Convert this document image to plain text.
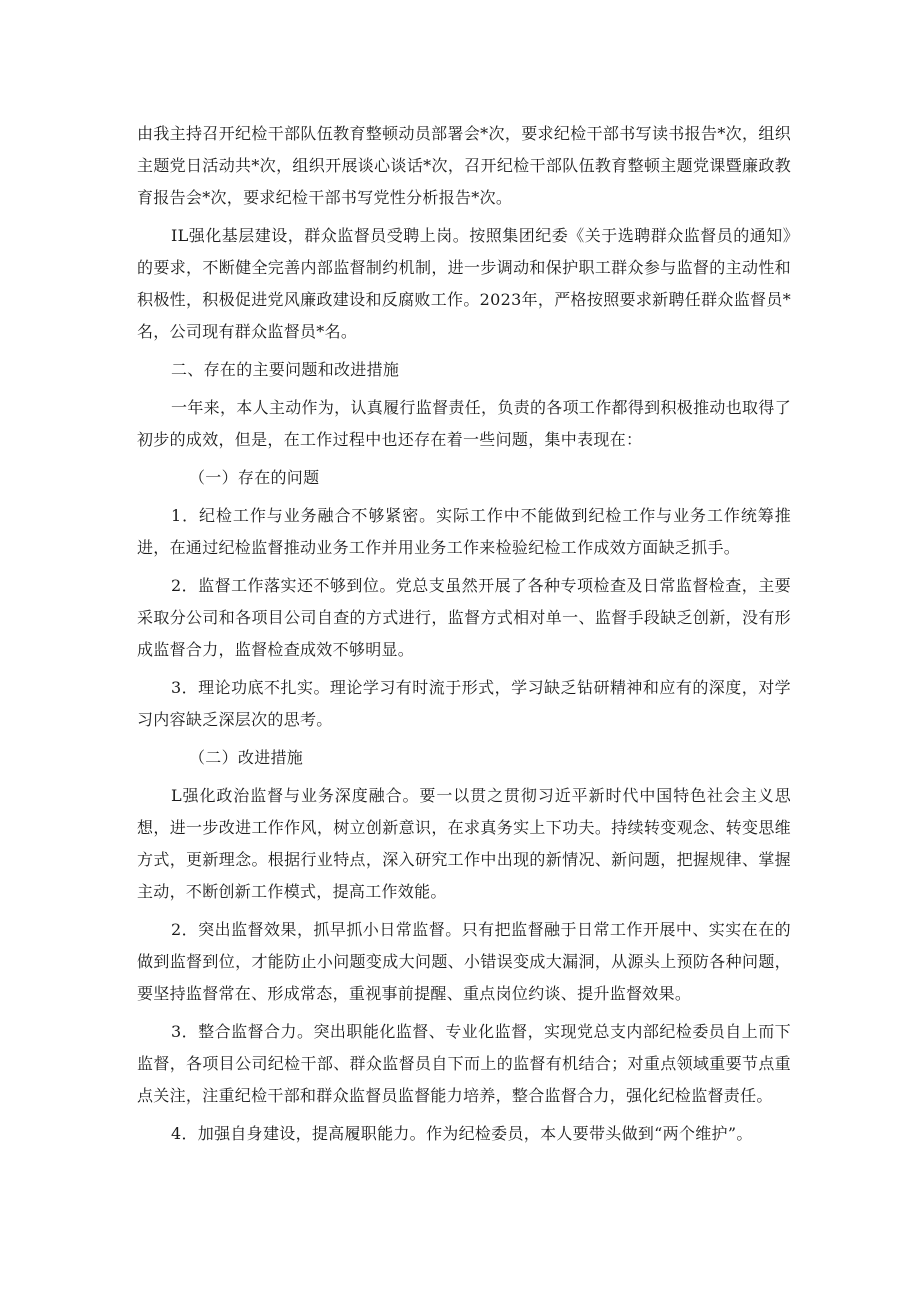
由我主持召开纪检干部队伍教育整顿动员部署会*次，要求纪检干部书写读书报告*次，组织主题党日活动共*次，组织开展谈心谈话*次，召开纪检干部队伍教育整顿主题党课暨廉政教育报告会*次，要求纪检干部书写党性分析报告*次。

IL强化基层建设，群众监督员受聘上岗。按照集团纪委《关于选聘群众监督员的通知》的要求，不断健全完善内部监督制约机制，进一步调动和保护职工群众参与监督的主动性和积极性，积极促进党风廉政建设和反腐败工作。2023年，严格按照要求新聘任群众监督员*名，公司现有群众监督员*名。

二、存在的主要问题和改进措施

一年来，本人主动作为，认真履行监督责任，负责的各项工作都得到积极推动也取得了初步的成效，但是，在工作过程中也还存在着一些问题，集中表现在：

（一）存在的问题

1．纪检工作与业务融合不够紧密。实际工作中不能做到纪检工作与业务工作统筹推进，在通过纪检监督推动业务工作并用业务工作来检验纪检工作成效方面缺乏抓手。

2．监督工作落实还不够到位。党总支虽然开展了各种专项检查及日常监督检查，主要采取分公司和各项目公司自查的方式进行，监督方式相对单一、监督手段缺乏创新，没有形成监督合力，监督检查成效不够明显。

3．理论功底不扎实。理论学习有时流于形式，学习缺乏钻研精神和应有的深度，对学习内容缺乏深层次的思考。

（二）改进措施

L强化政治监督与业务深度融合。要一以贯之贯彻习近平新时代中国特色社会主义思想，进一步改进工作作风，树立创新意识，在求真务实上下功夫。持续转变观念、转变思维方式，更新理念。根据行业特点，深入研究工作中出现的新情况、新问题，把握规律、掌握主动，不断创新工作模式，提高工作效能。

2．突出监督效果，抓早抓小日常监督。只有把监督融于日常工作开展中、实实在在的做到监督到位，才能防止小问题变成大问题、小错误变成大漏洞，从源头上预防各种问题，要坚持监督常在、形成常态，重视事前提醒、重点岗位约谈、提升监督效果。

3．整合监督合力。突出职能化监督、专业化监督，实现党总支内部纪检委员自上而下监督，各项目公司纪检干部、群众监督员自下而上的监督有机结合；对重点领域重要节点重点关注，注重纪检干部和群众监督员监督能力培养，整合监督合力，强化纪检监督责任。

4．加强自身建设，提高履职能力。作为纪检委员，本人要带头做到“两个维护”。
